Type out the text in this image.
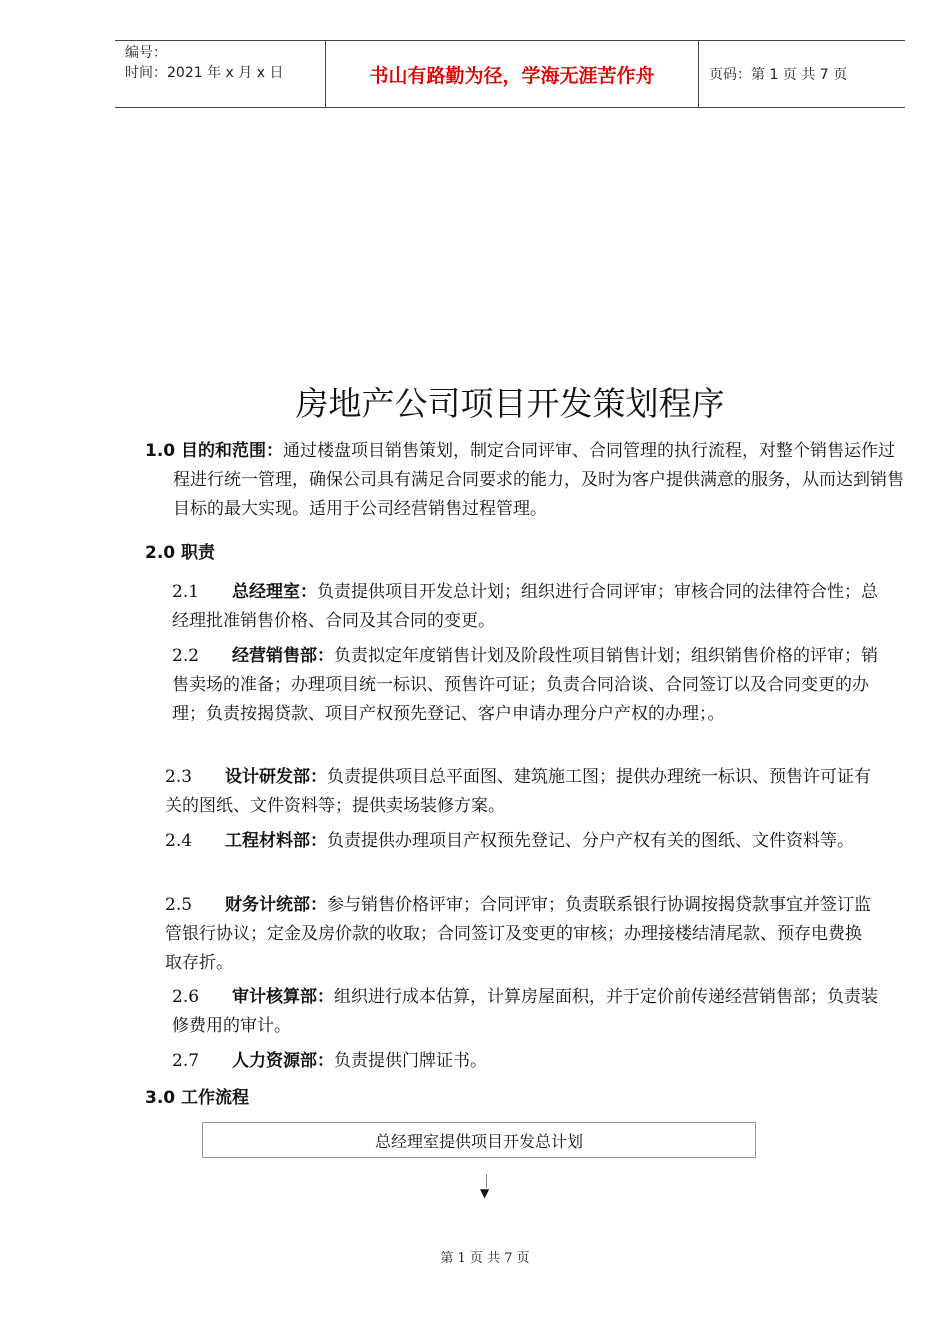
编号：
时间：2021 年 x 月 x 日	书山有路勤为径，学海无涯苦作舟	页码：第 1 页 共 7 页
房地产公司项目开发策划程序
1.0 目的和范围：通过楼盘项目销售策划，制定合同评审、合同管理的执行流程，对整个销售运作过程进行统一管理，确保公司具有满足合同要求的能力，及时为客户提供满意的服务，从而达到销售目标的最大实现。适用于公司经营销售过程管理。
2.0 职责
2.1 总经理室：负责提供项目开发总计划；组织进行合同评审；审核合同的法律符合性；总经理批准销售价格、合同及其合同的变更。
2.2 经营销售部：负责拟定年度销售计划及阶段性项目销售计划；组织销售价格的评审；销售卖场的准备；办理项目统一标识、预售许可证；负责合同洽谈、合同签订以及合同变更的办理；负责按揭贷款、项目产权预先登记、客户申请办理分户产权的办理；。
2.3 设计研发部：负责提供项目总平面图、建筑施工图；提供办理统一标识、预售许可证有关的图纸、文件资料等；提供卖场装修方案。
2.4 工程材料部：负责提供办理项目产权预先登记、分户产权有关的图纸、文件资料等。
2.5 财务计统部：参与销售价格评审；合同评审；负责联系银行协调按揭贷款事宜并签订监管银行协议；定金及房价款的收取；合同签订及变更的审核；办理接楼结清尾款、预存电费换取存折。
2.6 审计核算部：组织进行成本估算，计算房屋面积，并于定价前传递经营销售部；负责装修费用的审计。
2.7 人力资源部：负责提供门牌证书。
3.0 工作流程
总经理室提供项目开发总计划
▼
第 1 页 共 7 页
